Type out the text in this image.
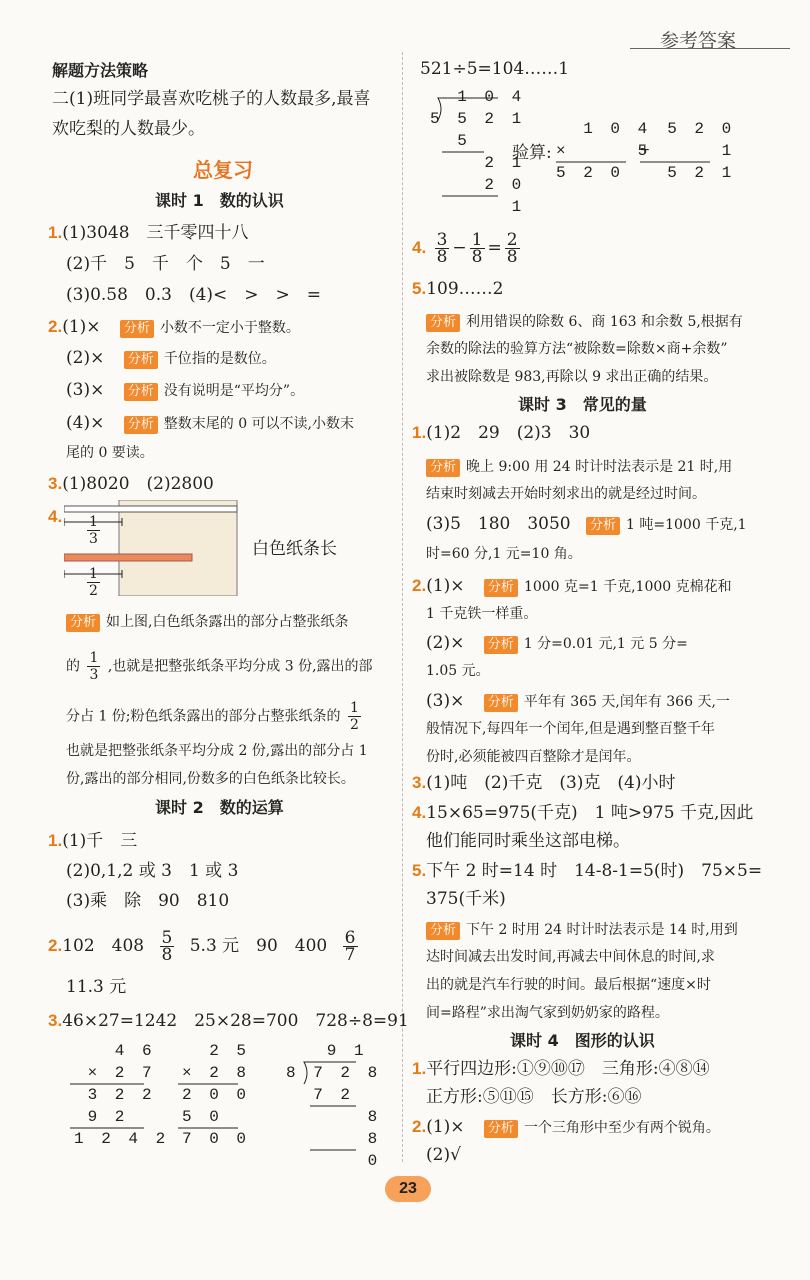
参考答案
解题方法策略
二(1)班同学最喜欢吃桃子的人数最多,最喜
欢吃梨的人数最少。
总复习
课时 1　数的认识
1.(1)3048　三千零四十八
(2)千　5　千　个　5　一
(3)0.58　0.3　(4)<　>　>　=
2.(1)× 分析 小数不一定小于整数。
(2)× 分析 千位指的是数位。
(3)× 分析 没有说明是“平均分”。
(4)× 分析 整数末尾的 0 可以不读,小数末
尾的 0 要读。
3.(1)8020　(2)2800
4. $\frac{1}{3}$
$\frac{1}{2}$
白色纸条长
分析 如上图,白色纸条露出的部分占整张纸条
的 $\frac{1}{3}$ ,也就是把整张纸条平均分成 3 份,露出的部
分占 1 份;粉色纸条露出的部分占整张纸条的 $\frac{1}{2}$
也就是把整张纸条平均分成 2 份,露出的部分占 1
份,露出的部分相同,份数多的白色纸条比较长。
课时 2　数的运算
1.(1)千　三
(2)0,1,2 或 3　1 或 3
(3)乘　除　90　810
2.102　$408 \frac{5}{8} 5.3$ 元　90　$400 \frac{6}{7}$
11.3 元
3.46×27=1242　25×28=700　728÷8=91
4 6
× 2 7
3 2 2
9 2
1 2 4 2
2 5
× 2 8
2 0 0
5 0
7 0 0
9 1
8 7 2 8
7 2
8
8
0
521÷5=104……1
1 0 4
5 5 2 1
5
2 1
2 0
1
验算:
1 0 4
×     5
5 2 0
5 2 0
+     1
5 2 1
4. $\frac{3}{8} - \frac{1}{8} = \frac{2}{8}$
5.109……2
分析 利用错误的除数 6、商 163 和余数 5,根据有
余数的除法的验算方法“被除数=除数×商+余数”
求出被除数是 983,再除以 9 求出正确的结果。
课时 3　常见的量
1.(1)2　29　(2)3　30
分析 晚上 9:00 用 24 时计时法表示是 21 时,用
结束时刻减去开始时刻求出的就是经过时间。
(3)5　180　3050 分析 1 吨=1000 千克,1
时=60 分,1 元=10 角。
2.(1)× 分析 1000 克=1 千克,1000 克棉花和
1 千克铁一样重。
(2)× 分析 1 分=0.01 元,1 元 5 分=
1.05 元。
(3)× 分析 平年有 365 天,闰年有 366 天,一
般情况下,每四年一个闰年,但是遇到整百整千年
份时,必须能被四百整除才是闰年。
3.(1)吨　(2)千克　(3)克　(4)小时
4.15×65=975(千克)　1 吨>975 千克,因此
他们能同时乘坐这部电梯。
5.下午 2 时=14 时　14-8-1=5(时)　75×5=
375(千米)
分析 下午 2 时用 24 时计时法表示是 14 时,用到
达时间减去出发时间,再减去中间休息的时间,求
出的就是汽车行驶的时间。最后根据“速度×时
间=路程”求出淘气家到奶奶家的路程。
课时 4　图形的认识
1.平行四边形:①⑨⑩⑰　三角形:④⑧⑭
正方形:⑤⑪⑮　长方形:⑥⑯
2.(1)× 分析 一个三角形中至少有两个锐角。
(2)√
23
